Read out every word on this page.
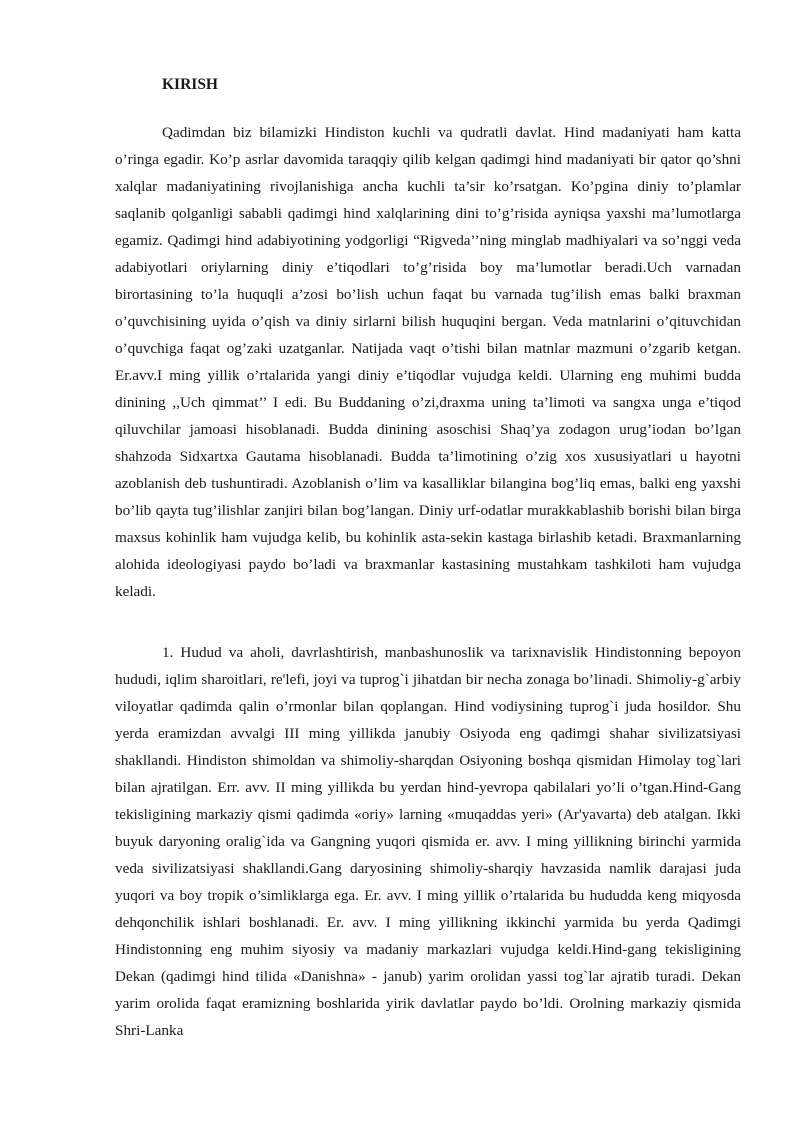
KIRISH

Qadimdan biz bilamizki Hindiston kuchli va qudratli davlat. Hind madaniyati ham katta o’ringa egadir. Ko’p asrlar davomida taraqqiy qilib kelgan qadimgi hind madaniyati bir qator qo’shni xalqlar madaniyatining rivojlanishiga ancha kuchli ta’sir ko’rsatgan. Ko’pgina diniy to’plamlar saqlanib qolganligi sababli qadimgi hind xalqlarining dini to’g’risida ayniqsa yaxshi ma’lumotlarga egamiz. Qadimgi hind adabiyotining yodgorligi “Rigveda’’ning minglab madhiyalari va so’nggi veda adabiyotlari oriylarning diniy e’tiqodlari to’g’risida boy ma’lumotlar beradi.Uch varnadan birortasining to’la huquqli a’zosi bo’lish uchun faqat bu varnada tug’ilish emas balki braxman o’quvchisining uyida o’qish va diniy sirlarni bilish huquqini bergan. Veda matnlarini o’qituvchidan o’quvchiga faqat og’zaki uzatganlar. Natijada vaqt o’tishi bilan matnlar mazmuni o’zgarib ketgan. Er.avv.I ming yillik o’rtalarida yangi diniy e’tiqodlar vujudga keldi. Ularning eng muhimi budda dinining ,,Uch qimmat’’ I edi. Bu Buddaning o’zi,draxma uning ta’limoti va sangxa unga e’tiqod qiluvchilar jamoasi hisoblanadi. Budda dinining asoschisi Shaq’ya zodagon urug’iodan bo’lgan shahzoda Sidxartxa Gautama hisoblanadi. Budda ta’limotining o’zig xos xususiyatlari u hayotni azoblanish deb tushuntiradi. Azoblanish o’lim va kasalliklar bilangina bog’liq emas, balki eng yaxshi bo’lib qayta tug’ilishlar zanjiri bilan bog’langan. Diniy urf-odatlar murakkablashib borishi bilan birga maxsus kohinlik ham vujudga kelib, bu kohinlik asta-sekin kastaga birlashib ketadi. Braxmanlarning alohida ideologiyasi paydo bo’ladi va braxmanlar kastasining mustahkam tashkiloti ham vujudga keladi.

1. Hudud va aholi, davrlashtirish, manbashunoslik va tarixnavislik Hindistonning bepoyon hududi, iqlim sharoitlari, re'lefi, joyi va tuprog`i jihatdan bir necha zonaga bo’linadi. Shimoliy-g`arbiy viloyatlar qadimda qalin o’rmonlar bilan qoplangan. Hind vodiysining tuprog`i juda hosildor. Shu yerda eramizdan avvalgi III ming yillikda janubiy Osiyoda eng qadimgi shahar sivilizatsiyasi shakllandi. Hindiston shimoldan va shimoliy-sharqdan Osiyoning boshqa qismidan Himolay tog`lari bilan ajratilgan. Err. avv. II ming yillikda bu yerdan hind-yevropa qabilalari yo’li o’tgan.Hind-Gang tekisligining markaziy qismi qadimda «oriy» larning «muqaddas yeri» (Ar'yavarta) deb atalgan. Ikki buyuk daryoning oralig`ida va Gangning yuqori qismida er. avv. I ming yillikning birinchi yarmida veda sivilizatsiyasi shakllandi.Gang daryosining shimoliy-sharqiy havzasida namlik darajasi juda yuqori va boy tropik o’simliklarga ega. Er. avv. I ming yillik o’rtalarida bu hududda keng miqyosda dehqonchilik ishlari boshlanadi. Er. avv. I ming yillikning ikkinchi yarmida bu yerda Qadimgi Hindistonning eng muhim siyosiy va madaniy markazlari vujudga keldi.Hind-gang tekisligining Dekan (qadimgi hind tilida «Danishna» - janub) yarim orolidan yassi tog`lar ajratib turadi. Dekan yarim orolida faqat eramizning boshlarida yirik davlatlar paydo bo’ldi. Orolning markaziy qismida Shri-Lanka
